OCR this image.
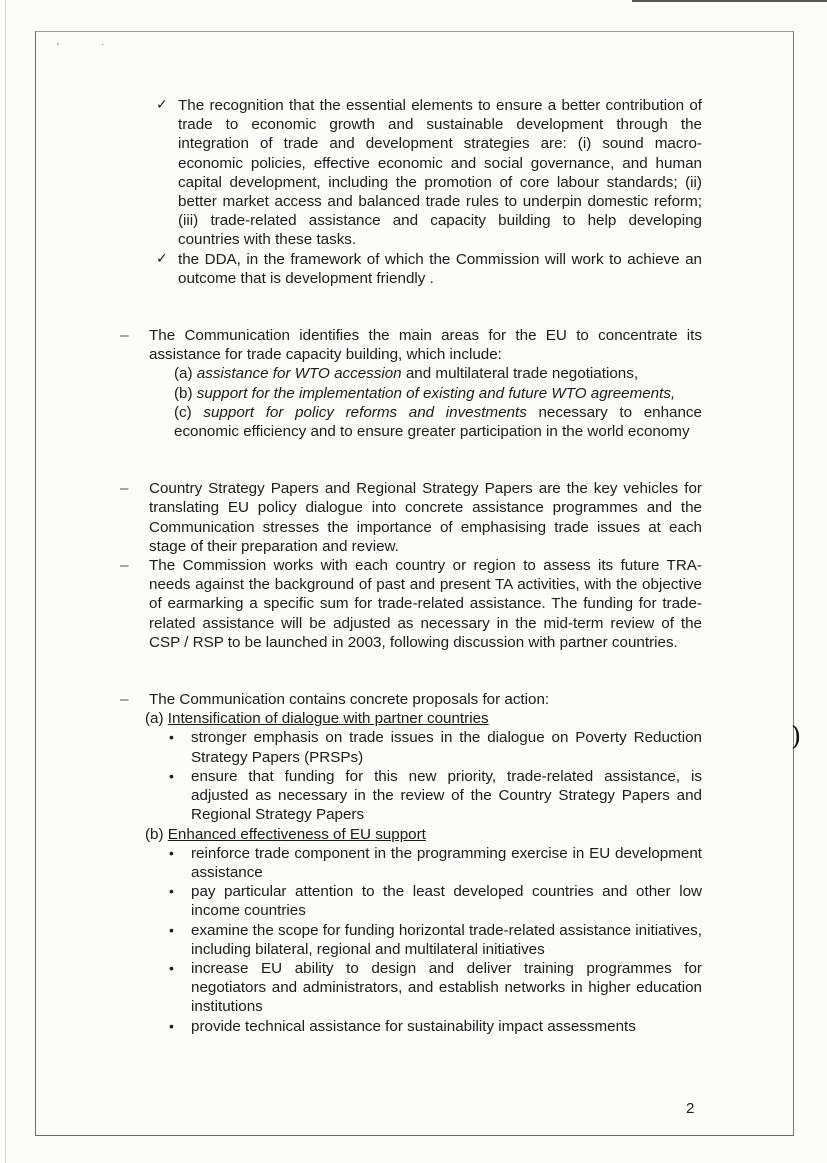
'	·
)
✓ The recognition that the essential elements to ensure a better contribution of trade to economic growth and sustainable development through the integration of trade and development strategies are: (i) sound macro-economic policies, effective economic and social governance, and human capital development, including the promotion of core labour standards; (ii) better market access and balanced trade rules to underpin domestic reform; (iii) trade-related assistance and capacity building to help developing countries with these tasks.
✓ the DDA, in the framework of which the Commission will work to achieve an outcome that is development friendly .
–	The Communication identifies the main areas for the EU to concentrate its assistance for trade capacity building, which include:
(a) assistance for WTO accession and multilateral trade negotiations,
(b) support for the implementation of existing and future WTO agreements,
(c) support for policy reforms and investments necessary to enhance economic efficiency and to ensure greater participation in the world economy
–	Country Strategy Papers and Regional Strategy Papers are the key vehicles for translating EU policy dialogue into concrete assistance programmes and the Communication stresses the importance of emphasising trade issues at each stage of their preparation and review.
–	The Commission works with each country or region to assess its future TRA-needs against the background of past and present TA activities, with the objective of earmarking a specific sum for trade-related assistance. The funding for trade-related assistance will be adjusted as necessary in the mid-term review of the CSP / RSP to be launched in 2003, following discussion with partner countries.
–	The Communication contains concrete proposals for action:
(a) Intensification of dialogue with partner countries
•	stronger emphasis on trade issues in the dialogue on Poverty Reduction Strategy Papers (PRSPs)
•	ensure that funding for this new priority, trade-related assistance, is adjusted as necessary in the review of the Country Strategy Papers and Regional Strategy Papers
(b) Enhanced effectiveness of EU support
•	reinforce trade component in the programming exercise in EU development assistance
•	pay particular attention to the least developed countries and other low income countries
•	examine the scope for funding horizontal trade-related assistance initiatives, including bilateral, regional and multilateral initiatives
•	increase EU ability to design and deliver training programmes for negotiators and administrators, and establish networks in higher education institutions
•	provide technical assistance for sustainability impact assessments
2
